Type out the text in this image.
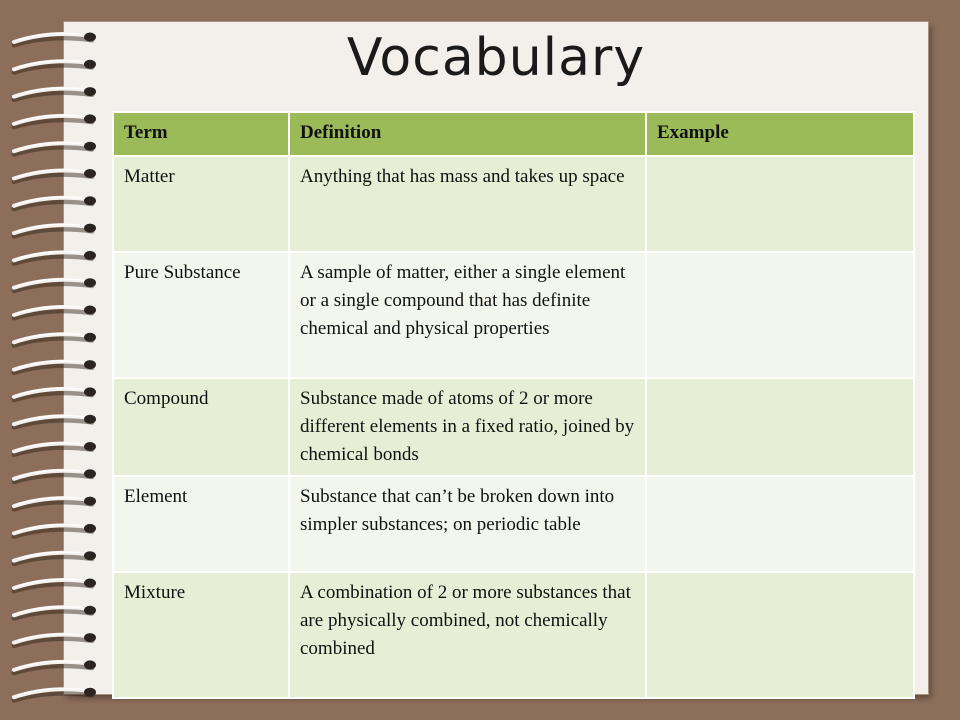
Vocabulary
Term	Definition	Example
Matter	Anything that has mass and takes up space	
Pure Substance	A sample of matter, either a single element or a single compound that has definite chemical and physical properties	
Compound	Substance made of atoms of 2 or more different elements in a fixed ratio, joined by chemical bonds	
Element	Substance that can’t be broken down into simpler substances; on periodic table	
Mixture	A combination of 2 or more substances that are physically combined, not chemically combined	
